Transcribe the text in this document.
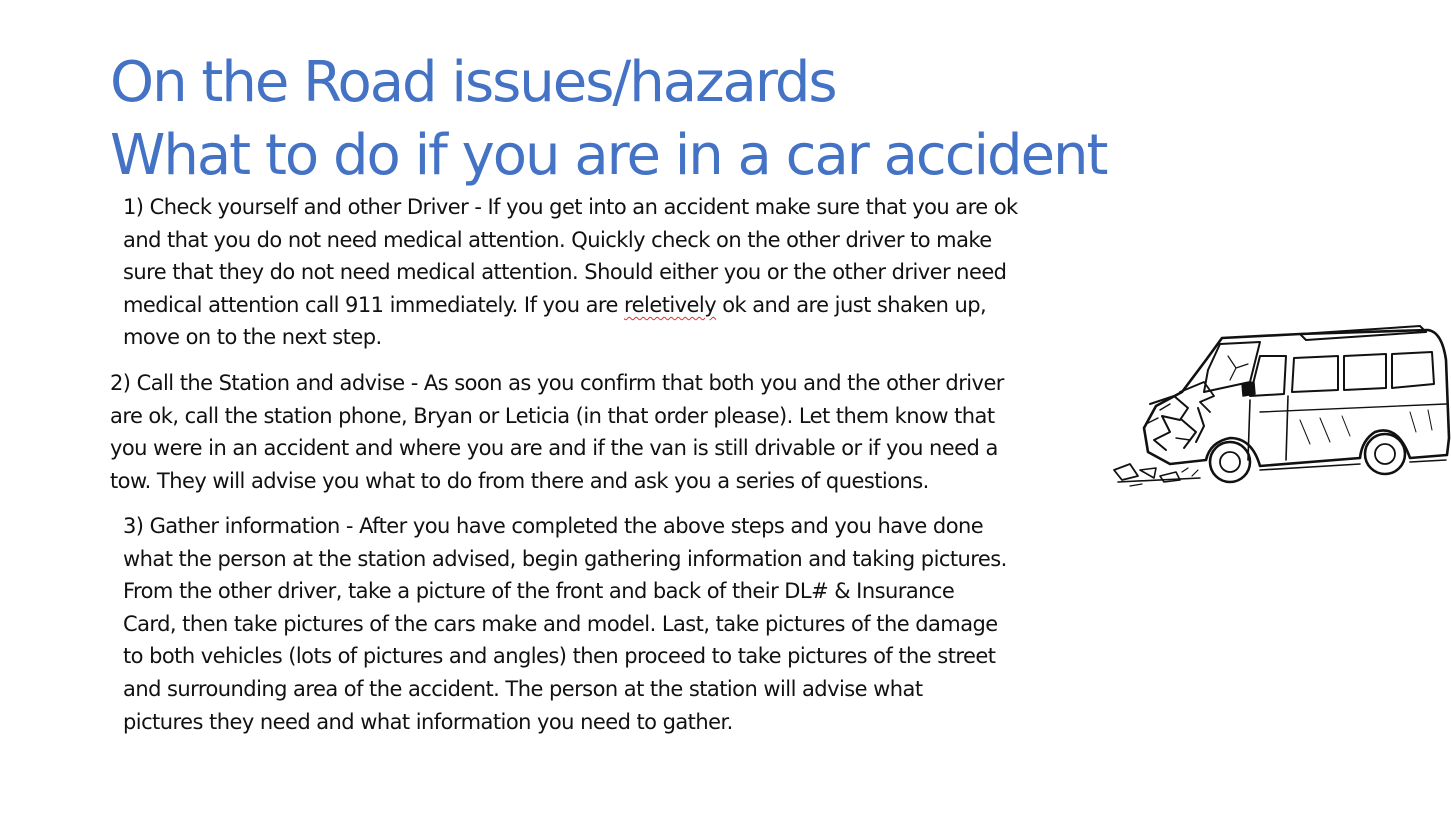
On the Road issues/hazards
What to do if you are in a car accident
1) Check yourself and other Driver - If you get into an accident make sure that you are ok
and that you do not need medical attention. Quickly check on the other driver to make
sure that they do not need medical attention. Should either you or the other driver need
medical attention call 911 immediately. If you are reletively ok and are just shaken up,
move on to the next step.
2) Call the Station and advise - As soon as you confirm that both you and the other driver
are ok, call the station phone, Bryan or Leticia (in that order please). Let them know that
you were in an accident and where you are and if the van is still drivable or if you need a
tow. They will advise you what to do from there and ask you a series of questions.
3) Gather information - After you have completed the above steps and you have done
what the person at the station advised, begin gathering information and taking pictures.
From the other driver, take a picture of the front and back of their DL# & Insurance
Card, then take pictures of the cars make and model. Last, take pictures of the damage
to both vehicles (lots of pictures and angles) then proceed to take pictures of the street
and surrounding area of the accident. The person at the station will advise what
pictures they need and what information you need to gather.
